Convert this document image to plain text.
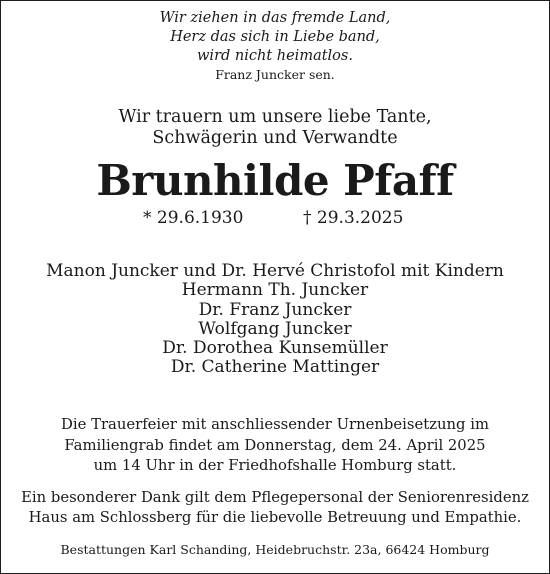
Wir ziehen in das fremde Land,
Herz das sich in Liebe band,
wird nicht heimatlos.
Franz Juncker sen.
Wir trauern um unsere liebe Tante,
Schwägerin und Verwandte
Brunhilde Pfaff
* 29.6.1930	† 29.3.2025
Manon Juncker und Dr. Hervé Christofol mit Kindern
Hermann Th. Juncker
Dr. Franz Juncker
Wolfgang Juncker
Dr. Dorothea Kunsemüller
Dr. Catherine Mattinger
Die Trauerfeier mit anschliessender Urnenbeisetzung im
Familiengrab findet am Donnerstag, dem 24. April 2025
um 14 Uhr in der Friedhofshalle Homburg statt.
Ein besonderer Dank gilt dem Pflegepersonal der Seniorenresidenz
Haus am Schlossberg für die liebevolle Betreuung und Empathie.
Bestattungen Karl Schanding, Heidebruchstr. 23a, 66424 Homburg
